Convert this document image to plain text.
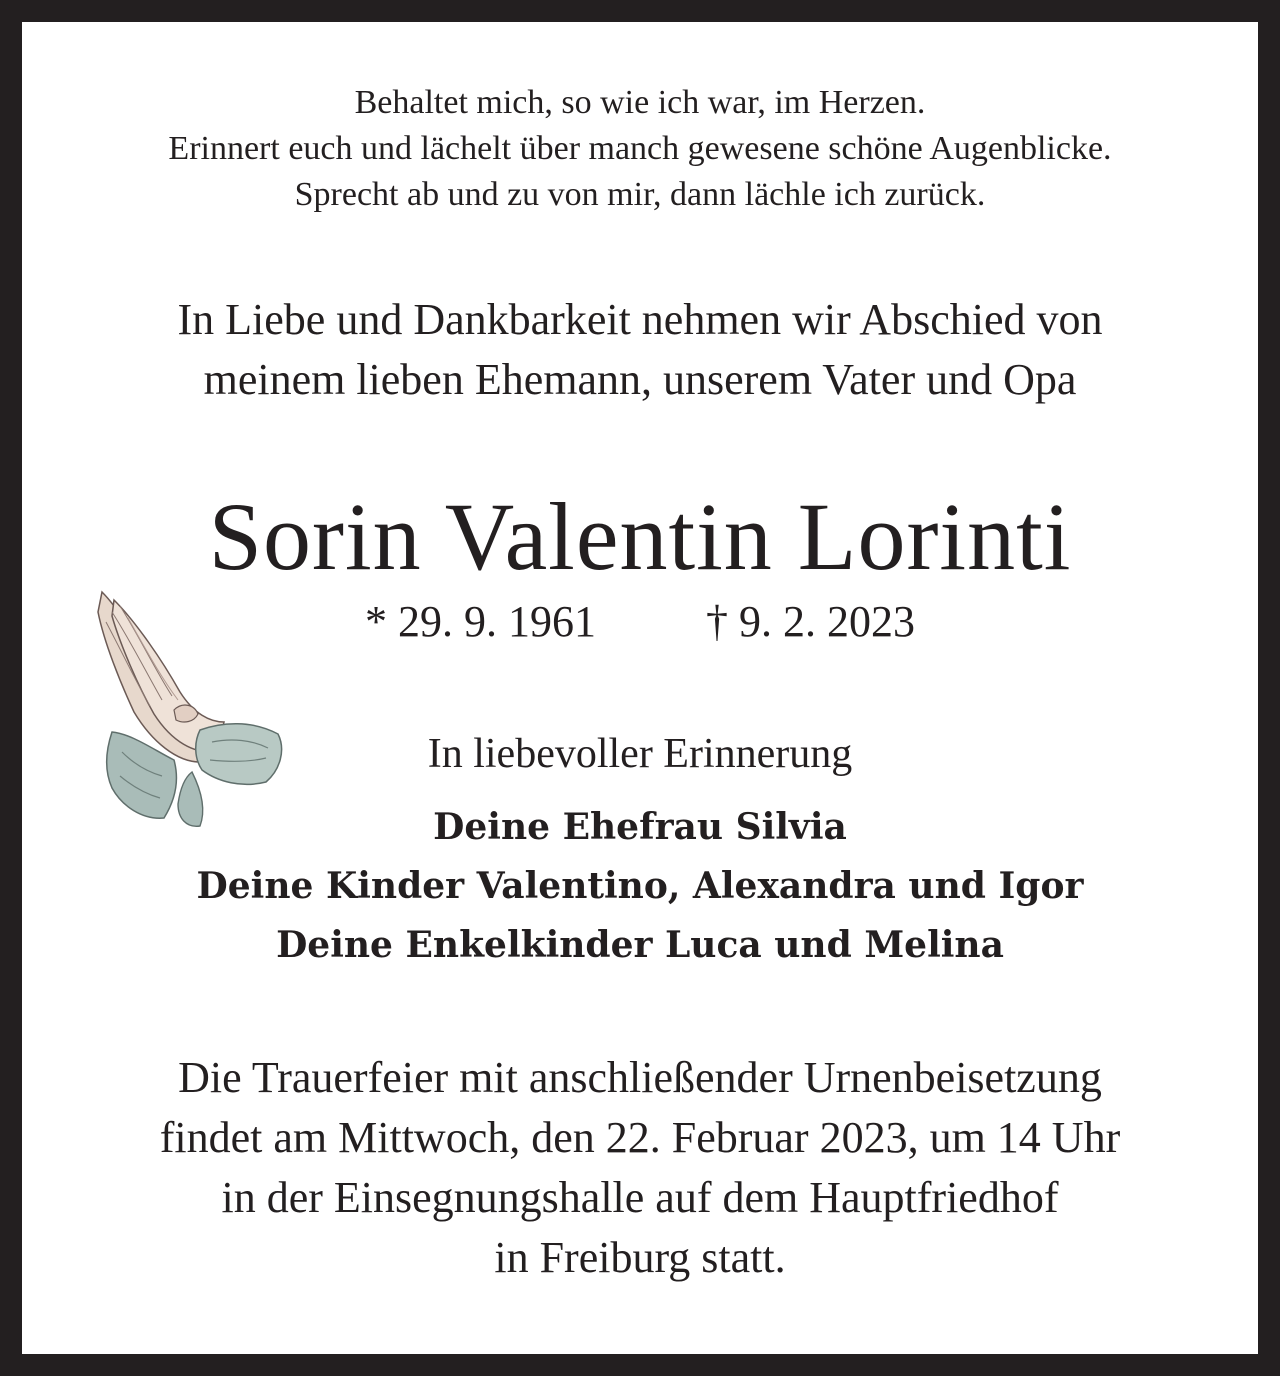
Behaltet mich, so wie ich war, im Herzen.
Erinnert euch und lächelt über manch gewesene schöne Augenblicke.
Sprecht ab und zu von mir, dann lächle ich zurück.
In Liebe und Dankbarkeit nehmen wir Abschied von
meinem lieben Ehemann, unserem Vater und Opa
Sorin Valentin Lorinti
* 29. 9. 1961	† 9. 2. 2023
In liebevoller Erinnerung
Deine Ehefrau Silvia
Deine Kinder Valentino, Alexandra und Igor
Deine Enkelkinder Luca und Melina
Die Trauerfeier mit anschließender Urnenbeisetzung
findet am Mittwoch, den 22. Februar 2023, um 14 Uhr
in der Einsegnungshalle auf dem Hauptfriedhof
in Freiburg statt.
